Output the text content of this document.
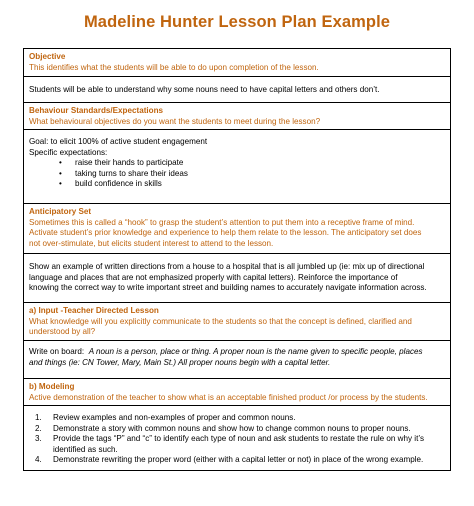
Madeline Hunter Lesson Plan Example
Objective
This identifies what the students will be able to do upon completion of the lesson.
Students will be able to understand why some nouns need to have capital letters and others don’t.
Behaviour Standards/Expectations
What behavioural objectives do you want the students to meet during the lesson?
Goal: to elicit 100% of active student engagement
Specific expectations:
• raise their hands to participate
• taking turns to share their ideas
• build confidence in skills
Anticipatory Set
Sometimes this is called a “hook” to grasp the student’s attention to put them into a receptive frame of mind.
Activate student’s prior knowledge and experience to help them relate to the lesson. The anticipatory set does
not over-stimulate, but elicits student interest to attend to the lesson.
Show an example of written directions from a house to a hospital that is all jumbled up (ie: mix up of directional
language and places that are not emphasized properly with capital letters). Reinforce the importance of
knowing the correct way to write important street and building names to accurately navigate information across.
a) Input -Teacher Directed Lesson
What knowledge will you explicitly communicate to the students so that the concept is defined, clarified and
understood by all?
Write on board:  A noun is a person, place or thing. A proper noun is the name given to specific people, places
and things (ie: CN Tower, Mary, Main St.) All proper nouns begin with a capital letter.
b) Modeling
Active demonstration of the teacher to show what is an acceptable finished product /or process by the students.
1. Review examples and non-examples of proper and common nouns.
2. Demonstrate a story with common nouns and show how to change common nouns to proper nouns.
3. Provide the tags “P” and “c” to identify each type of noun and ask students to restate the rule on why it’s
identified as such.
4. Demonstrate rewriting the proper word (either with a capital letter or not) in place of the wrong example.
